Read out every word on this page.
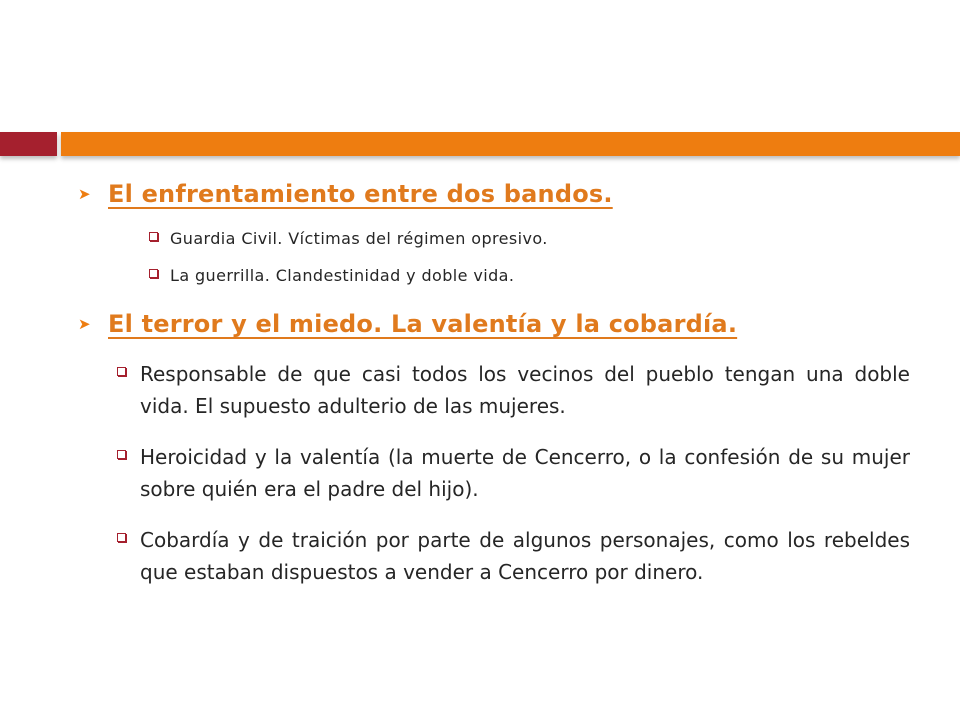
➤ El enfrentamiento entre dos bandos.
Guardia Civil. Víctimas del régimen opresivo.
La guerrilla. Clandestinidad y doble vida.
➤ El terror y el miedo. La valentía y la cobardía.
Responsable de que casi todos los vecinos del pueblo tengan una doble vida. El supuesto adulterio de las mujeres.
Heroicidad y la valentía (la muerte de Cencerro, o la confesión de su mujer sobre quién era el padre del hijo).
Cobardía y de traición por parte de algunos personajes, como los rebeldes que estaban dispuestos a vender a Cencerro por dinero.
